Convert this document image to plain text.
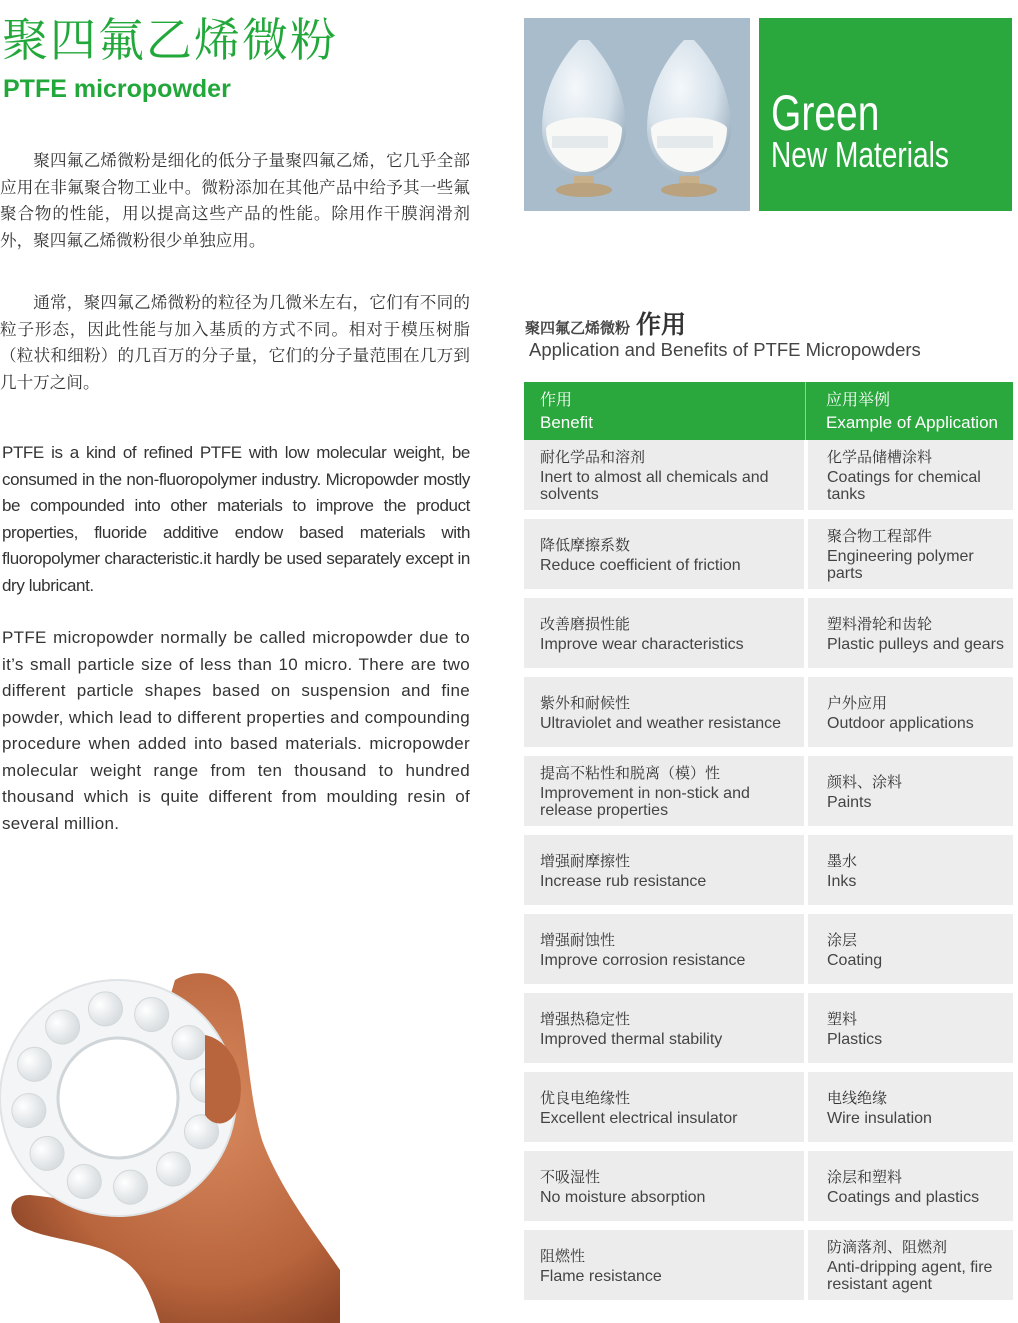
聚四氟乙烯微粉
PTFE micropowder

聚四氟乙烯微粉是细化的低分子量聚四氟乙烯，它几乎全部应用在非氟聚合物工业中。微粉添加在其他产品中给予其一些氟聚合物的性能，用以提高这些产品的性能。除用作干膜润滑剂外，聚四氟乙烯微粉很少单独应用。

通常，聚四氟乙烯微粉的粒径为几微米左右，它们有不同的粒子形态，因此性能与加入基质的方式不同。相对于模压树脂（粒状和细粉）的几百万的分子量，它们的分子量范围在几万到几十万之间。

PTFE is a kind of refined PTFE with low molecular weight, be consumed in the non-fluoropolymer industry. Micropowder mostly be compounded into other materials to improve the product properties, fluoride additive endow based materials with fluoropolymer characteristic.it hardly be used separately except in dry lubricant.

PTFE micropowder normally be called micropowder due to it’s small particle size of less than 10 micro. There are two different particle shapes based on suspension and fine powder, which lead to different properties and compounding procedure when added into based materials. micropowder molecular weight range from ten thousand to hundred thousand which is quite different from moulding resin of several million.

Green
New Materials
聚四氟乙烯微粉 作用
Application and Benefits of PTFE Micropowders
作用
Benefit
应用举例
Example of Application
耐化学品和溶剂
Inert to almost all chemicals and solvents
化学品储槽涂料
Coatings for chemical tanks
降低摩擦系数
Reduce coefficient of friction
聚合物工程部件
Engineering polymer parts
改善磨损性能
Improve wear characteristics
塑料滑轮和齿轮
Plastic pulleys and gears
紫外和耐候性
Ultraviolet and weather resistance
户外应用
Outdoor applications
提高不粘性和脱离（模）性
Improvement in non-stick and release properties
颜料、涂料
Paints
增强耐摩擦性
Increase rub resistance
墨水
Inks
增强耐蚀性
Improve corrosion resistance
涂层
Coating
增强热稳定性
Improved thermal stability
塑料
Plastics
优良电绝缘性
Excellent electrical insulator
电线绝缘
Wire insulation
不吸湿性
No moisture absorption
涂层和塑料
Coatings and plastics
阻燃性
Flame resistance
防滴落剂、阻燃剂
Anti-dripping agent, fire resistant agent
